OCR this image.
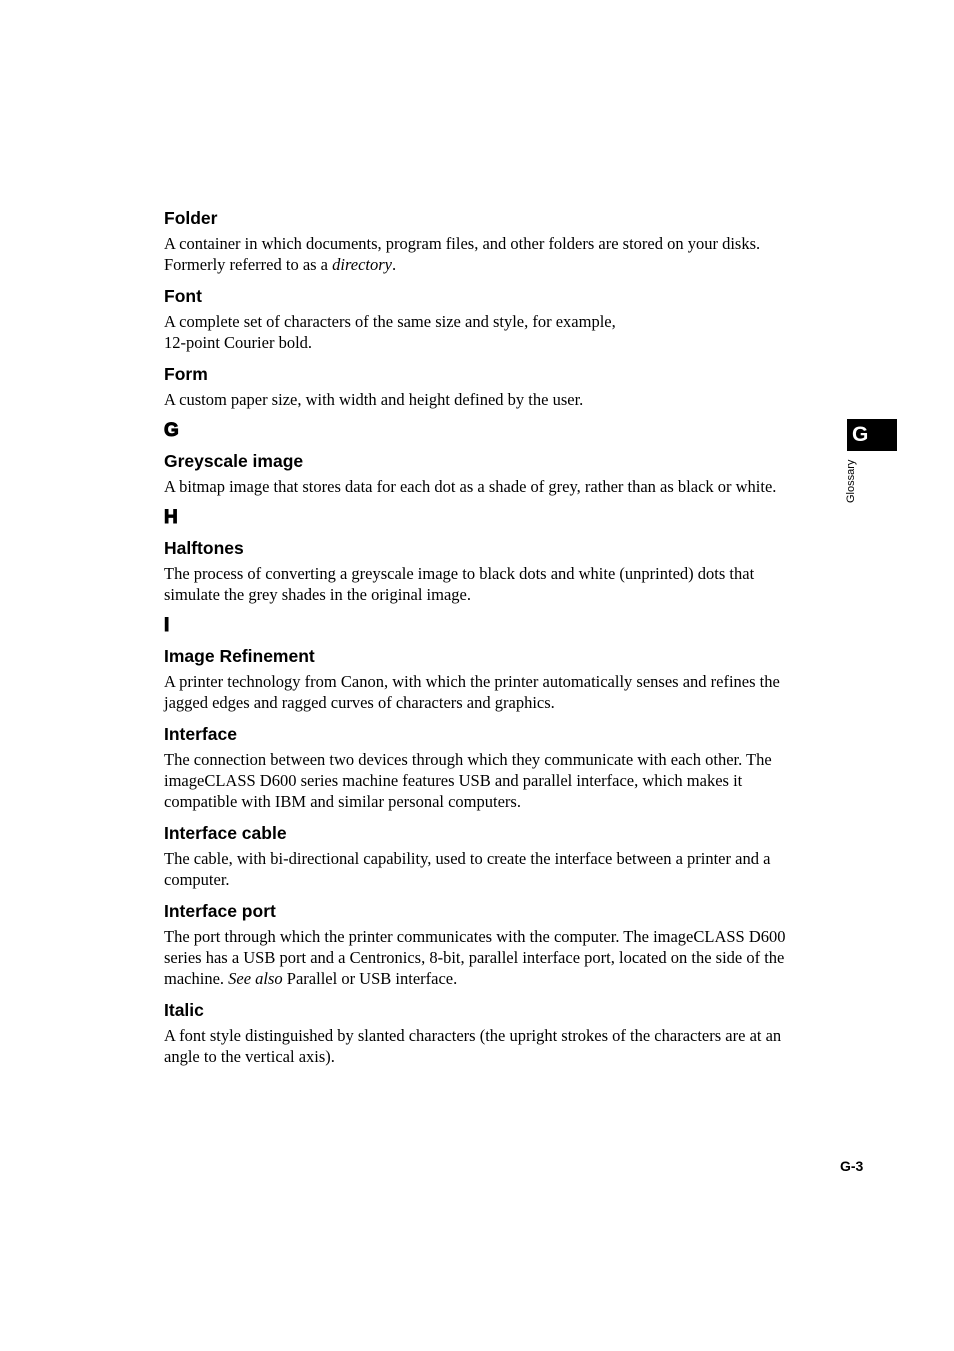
Folder
A container in which documents, program files, and other folders are stored on your disks.
Formerly referred to as a directory.
Font
A complete set of characters of the same size and style, for example,
12-point Courier bold.
Form
A custom paper size, with width and height defined by the user.
G
Greyscale image
A bitmap image that stores data for each dot as a shade of grey, rather than as black or white.
H
Halftones
The process of converting a greyscale image to black dots and white (unprinted) dots that
simulate the grey shades in the original image.
I
Image Refinement
A printer technology from Canon, with which the printer automatically senses and refines the
jagged edges and ragged curves of characters and graphics.
Interface
The connection between two devices through which they communicate with each other. The
imageCLASS D600 series machine features USB and parallel interface, which makes it
compatible with IBM and similar personal computers.
Interface cable
The cable, with bi-directional capability, used to create the interface between a printer and a
computer.
Interface port
The port through which the printer communicates with the computer. The imageCLASS D600
series has a USB port and a Centronics, 8-bit, parallel interface port, located on the side of the
machine. See also Parallel or USB interface.
Italic
A font style distinguished by slanted characters (the upright strokes of the characters are at an
angle to the vertical axis).
G
Glossary
G-3
